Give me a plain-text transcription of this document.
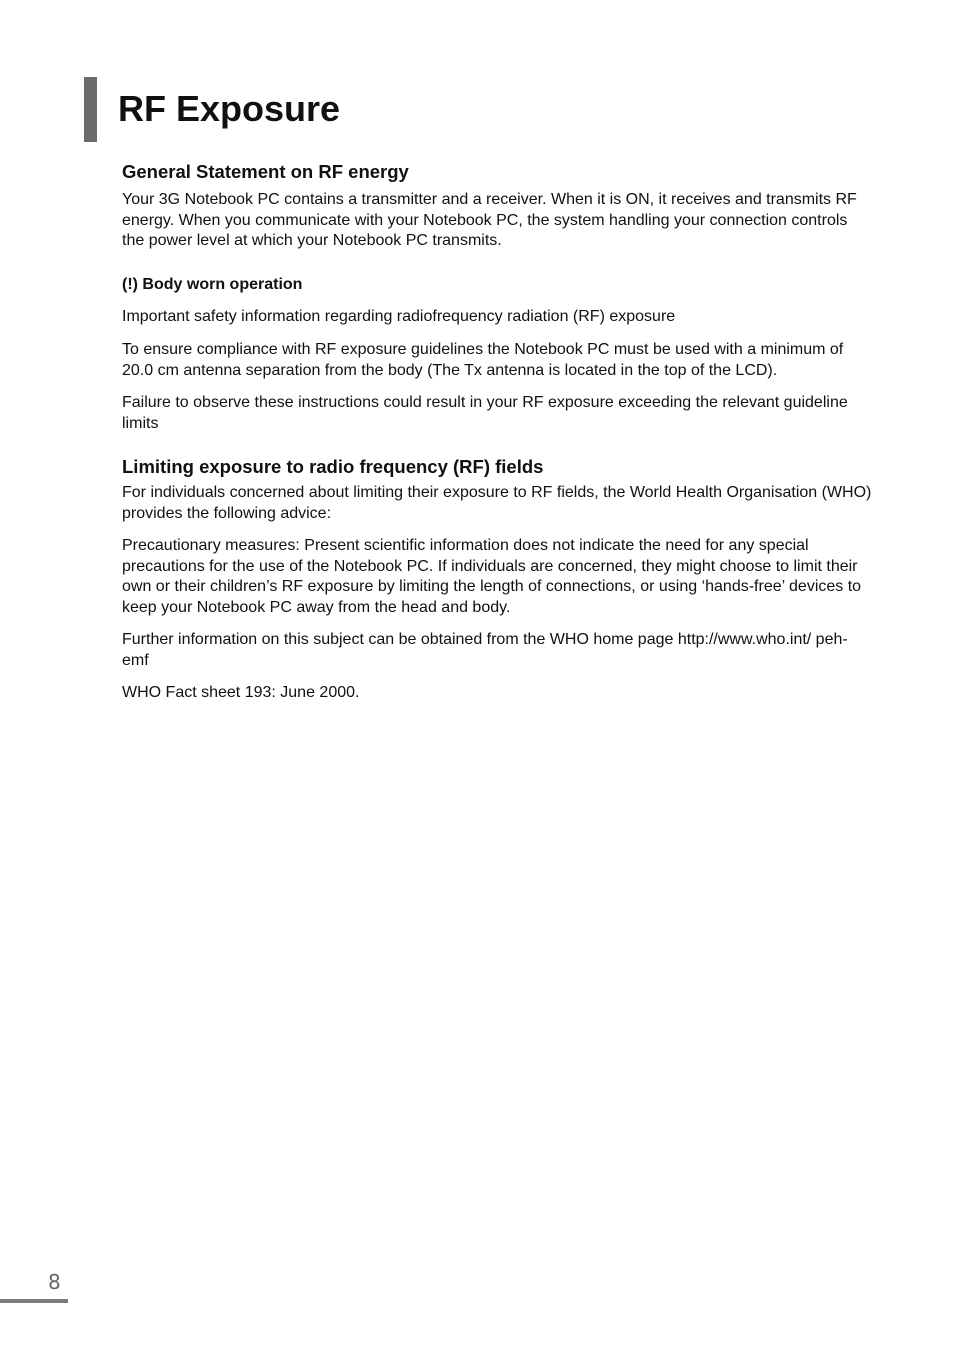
RF Exposure
General Statement on RF energy

Your 3G Notebook PC contains a transmitter and a receiver. When it is ON, it receives and transmits RF energy. When you communicate with your Notebook PC, the system handling your connection controls the power level at which your Notebook PC transmits.

(!) Body worn operation

Important safety information regarding radiofrequency radiation (RF) exposure

To ensure compliance with RF exposure guidelines the Notebook PC must be used with a minimum of 20.0 cm antenna separation from the body (The Tx antenna is located in the top of the LCD).

Failure to observe these instructions could result in your RF exposure exceeding the relevant guideline limits

Limiting exposure to radio frequency (RF) fields

For individuals concerned about limiting their exposure to RF fields, the World Health Organisation (WHO) provides the following advice:

Precautionary measures: Present scientific information does not indicate the need for any special precautions for the use of the Notebook PC. If individuals are concerned, they might choose to limit their own or their children’s RF exposure by limiting the length of connections, or using ‘hands-free’ devices to keep your Notebook PC away from the head and body.

Further information on this subject can be obtained from the WHO home page http://www.who.int/ peh-emf

WHO Fact sheet 193: June 2000.

8
